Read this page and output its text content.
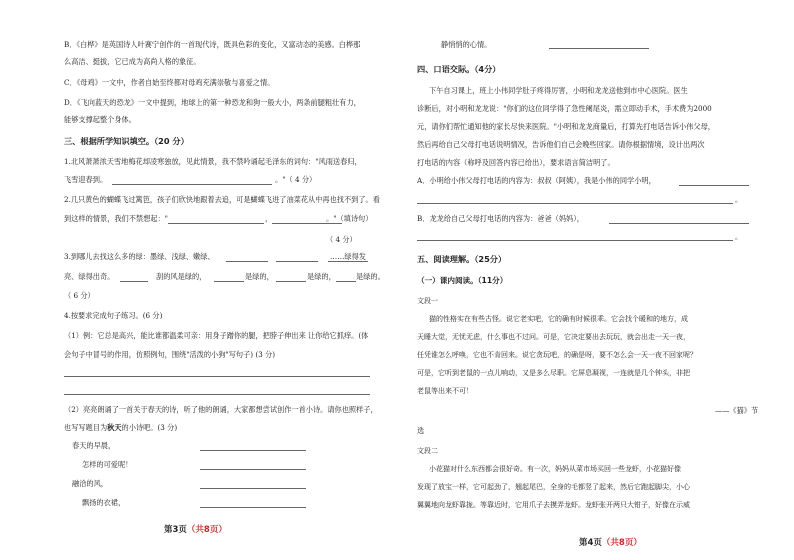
B．《白桦》是英国诗人叶赛宁创作的一首现代诗，既具色彩的变化，又富动态的美感。白桦那
么高洁、挺拔，它已成为高尚人格的象征。
C．《母鸡》一文中，作者自始至终都对母鸡充满崇敬与喜爱之情。
D．《飞向蓝天的恐龙》一文中提到，地球上的第一种恐龙和狗一般大小，两条前腿粗壮有力，
能够支撑起整个身体。
三、根据所学知识填空。（20 分）
1.北风萧萧浓天雪地梅花却凌寒独放，见此情景，我不禁吟诵起毛泽东的词句："风雨送春归，
飞雪迎春到。	。"（ 4 分）
2.几只黄色的蝴蝶飞过篱笆，孩子们欣快地跟着去追，可是蝴蝶飞进了油菜花从中再也找不到了。看
到这样的情景，我们不禁想起："	，	。"（填诗句）
（ 4 分）
3.到哪儿去找这么多的绿：墨绿、浅绿、嫩绿、	……绿得发
亮、绿得出奇。	刮的风是绿的，	是绿的，	是绿的，	是绿的。
（ 6 分）
4.按要求完成句子练习。(6 分)
（1）例：它总是高兴，能比谁都温柔可亲：用身子蹭你的腿，把脖子伸出来 让你给它抓痒。(体
会句子中冒号的作用，仿照例句，围绕"活泼的小狗"写句子) (3 分)
（2）亮亮朗诵了一首关于春天的诗，听了他的朗诵，大家都想尝试创作一首小诗。请你也照样子，
也写写题目为秋天的小诗吧。(3 分)
春天的早晨，
怎样的可爱呢！
融洽的风，
飘扬的衣裙，
第3页（共8页）
静悄悄的心情。
四、口语交际。（4分）
下午自习课上，班上小伟同学肚子疼得厉害，小明和龙龙送他到市中心医院。医生
诊断后，对小明和龙龙说："你们的这位同学得了急性阑尾炎，需立即动手术，手术费为2000
元，请你们帮忙通知他的家长尽快来医院。"小明和龙龙商量后，打算先打电话告诉小伟父母，
然后再给自己父母打电话说明情况，告诉他们自己会晚些回家。请你根据情境，设计出两次
打电话的内容（称呼及回答内容已给出），要求语言简洁明了。
A．小明给小伟父母打电话的内容为：叔叔（阿姨），我是小伟的同学小明，
。
B．龙龙给自己父母打电话的内容为：爸爸（妈妈），
。
五、阅读理解。（25分）
（一）课内阅读。（11分）
文段一
猫的性格实在有些古怪。说它老实吧，它的确有时候很乖。它会找个暖和的地方，成
天睡大觉，无忧无虑，什么事也不过问。可是，它决定要出去玩玩，就会出走一天一夜，
任凭谁怎么呼唤，它也不肯回来。说它贪玩吧，的确是呀，要不怎么会一天一夜不回家呢？
可是，它听到老鼠的一点儿响动，又是多么尽职。它屏息凝视，一连就是几个钟头，非把
老鼠等出来不可！
——《猫》节
选
文段二
小花猫对什么东西都会很好奇。有一次，妈妈从菜市场买回一些龙虾，小花猫好像
发现了放宝一样，它可起劲了，翘起尾巴，全身的毛都竖了起来，然后它跑起脚尖，小心
翼翼地向龙虾靠拢。等靠近时，它用爪子去摸弄龙虾。龙虾张开两只大钳子，好像在示威
第4页（共8页）
